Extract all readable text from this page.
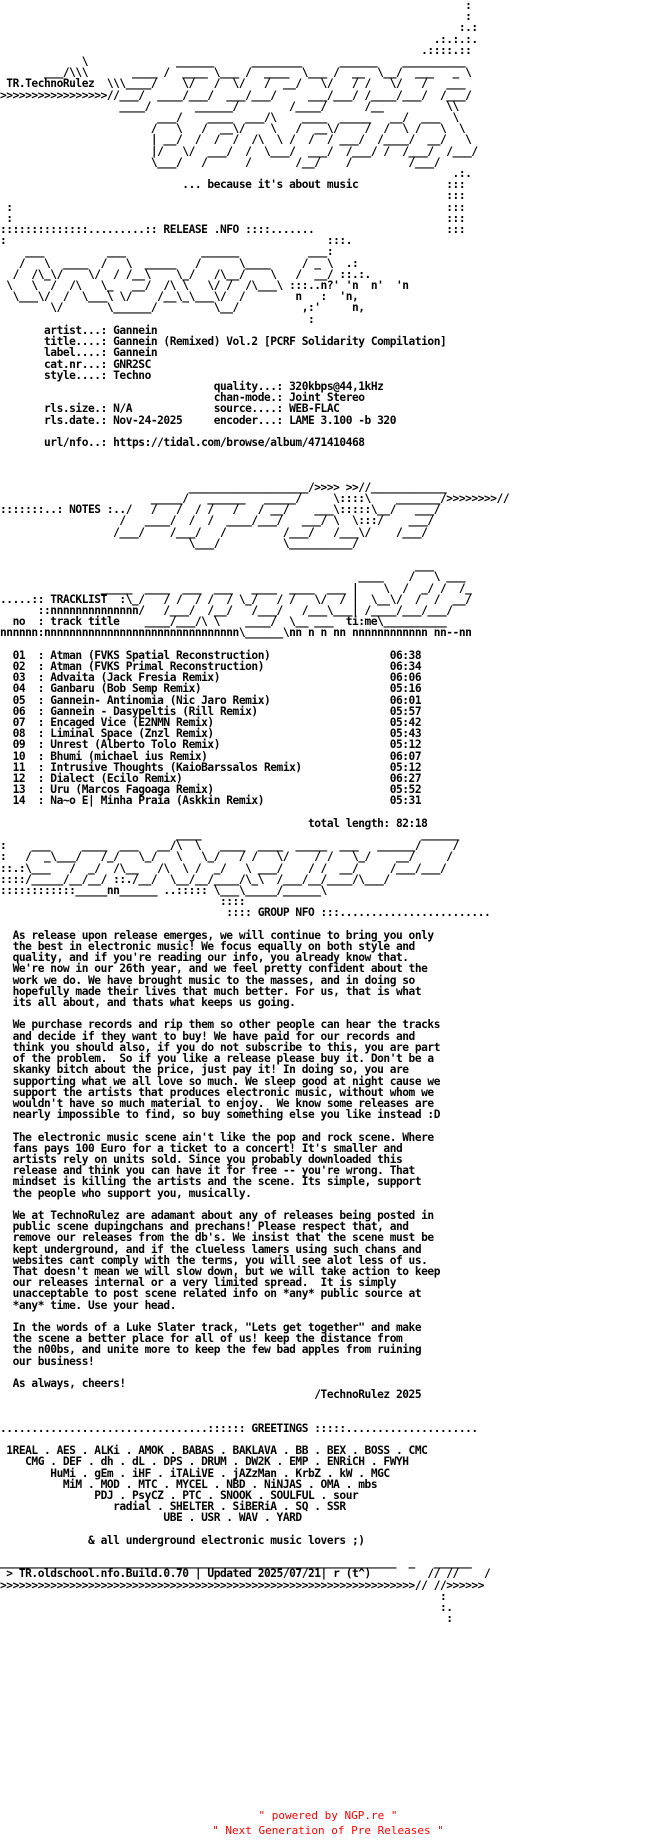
:
:
:.:
.:.:.:.
.::::.::
\              ______      ________      ______    __________
___/\\\       ____ /  ____ \___ /  ____  \___ /  __  \__/  ___   _ \
TR.TechnoRulez  \\\____/    \/   /  \/   /  __/   \/   / /   \/   /   ___
>>>>>>>>>>>>>>>>>//___/  ____/___/  ___/___/     ___/___/ /____/___/  /___/
____/       ______/        /____/      /__          \\
___/    ____  ___/\    ____  _____   __/  ___  \
/   \   /  __\/    \   /  __\/    /  /  \ /   \  \
| __/  /  /  /  /\  \ /  /  / ___/  /____/  __/   \
|/   \/  ___/  /  \___/  ___/  /___/ /  /___/  /___/
\___/   /      /       /__/    /         /___/
.:.
... because it's about music              :::
:::
:                                                                     :::
:                                                                     :::
::::::::::::::.........:: RELEASE .NFO ::::.......                     :::
:                                                   :::.
___          ___            ______           ___:
/   \  ____  /   \  _____   /      \____     / _ \  .:
/  /\_\/    \/  / /__\    \_/   /\__/    \   /  __/ ::.:.
\   \  /  /\   \_   __/  /\ \   \/ /  /\___\ :::..n?' 'n  n'  'n
\___\/  /  \___\ \/    /__\_\___\/  /        n   :  'n,
\/       \______/         \__/          ,:'     n,
:
artist...: Gannein
title....: Gannein (Remixed) Vol.2 [PCRF Solidarity Compilation]
label....: Gannein
cat.nr...: GNR2SC
style....: Techno
quality...: 320kbps@44,1kHz
chan-mode.: Joint Stereo
rls.size.: N/A             source....: WEB-FLAC
rls.date.: Nov-24-2025     encoder...: LAME 3.100 -b 320

url/nfo..: https://tidal.com/browse/album/471410468

___________________/>>>> >>//____________
_____/   ______   _____/     \::::\    _______/>>>>>>>>//
:::::::..: NOTES :../   /   /  / /   /   / __/    ___\:::::\__/   ___/
/   ____/  /  /  ____/___/   ___/ \  \:::/    ___/
/___/    /___/   /         /___/   /___\/    /___/
\___/          \__________/

___
____    /   \ ___
_____  ____  ___  ___   ____  ____  ___ |    \  /  _/ /  /_
.....:: TRACKLIST  :\_/   / /  / /  / \_/   / /   \/  / |  \__\/  /  /  __/
::nnnnnnnnnnnnnn/   /___/  /__/   /___/   /___\___| /____/___/___/
no  : track title    ____/___/\ \    ____/  \__ ___  ti:me\__________
nnnnnn:nnnnnnnnnnnnnnnnnnnnnnnnnnnnnnn\______\nn n n nn nnnnnnnnnnnn nn--nn

01  : Atman (FVKS Spatial Reconstruction)                   06:38
02  : Atman (FVKS Primal Reconstruction)                    06:34
03  : Advaita (Jack Fresia Remix)                           06:06
04  : Ganbaru (Bob Semp Remix)                              05:16
05  : Gannein- Antinomia (Nic Jaro Remix)                   06:01
06  : Gannein - Dasypeltis (Rill Remix)                     05:57
07  : Encaged Vice (E2NMN Remix)                            05:42
08  : Liminal Space (Znzl Remix)                            05:43
09  : Unrest (Alberto Tolo Remix)                           05:12
10  : Bhumi (michael ius Remix)                             06:07
11  : Intrusive Thoughts (KaioBarssalos Remix)              05:12
12  : Dialect (Ecilo Remix)                                 06:27
13  : Uru (Marcos Fagoaga Remix)                            05:52
14  : Na~o E| Minha Praia (Askkin Remix)                    05:31

total length: 82:18
____                                   ______
:    ___     ____  ___   __/\  \   ____  ____  _____  ___   ______/     /
:   /  _\___/   /_/   \_/   \   \_/   / /   \/    / /   \_/    __/     /
::.:\___   /  _/  /\__   /\  \ /  _/   \ ___/    / /  __/     /___/___/
::::/_____/__/__/ ::./__/  \__/__/____/\_\  /___/__/____/\___/
::::::::::::_____nn______ ..::::: \___\_____/______\
::::
:::: GROUP NFO :::........................

As release upon release emerges, we will continue to bring you only
the best in electronic music! We focus equally on both style and
quality, and if you're reading our info, you already know that.
We're now in our 26th year, and we feel pretty confident about the
work we do. We have brought music to the masses, and in doing so
hopefully made their lives that much better. For us, that is what
its all about, and thats what keeps us going.

We purchase records and rip them so other people can hear the tracks
and decide if they want to buy! We have paid for our records and
think you should also, if you do not subscribe to this, you are part
of the problem.  So if you like a release please buy it. Don't be a
skanky bitch about the price, just pay it! In doing so, you are
supporting what we all love so much. We sleep good at night cause we
support the artists that produces electronic music, without whom we
wouldn't have so much material to enjoy.  We know some releases are
nearly impossible to find, so buy something else you like instead :D

The electronic music scene ain't like the pop and rock scene. Where
fans pays 100 Euro for a ticket to a concert! It's smaller and
artists rely on units sold. Since you probably downloaded this
release and think you can have it for free -- you're wrong. That
mindset is killing the artists and the scene. Its simple, support
the people who support you, musically.

We at TechnoRulez are adamant about any of releases being posted in
public scene dupingchans and prechans! Please respect that, and
remove our releases from the db's. We insist that the scene must be
kept underground, and if the clueless lamers using such chans and
websites cant comply with the terms, you will see alot less of us.
That doesn't mean we will slow down, but we will take action to keep
our releases internal or a very limited spread.  It is simply
unacceptable to post scene related info on *any* public source at
*any* time. Use your head.

In the words of a Luke Slater track, "Lets get together" and make
the scene a better place for all of us! keep the distance from
the n00bs, and unite more to keep the few bad apples from ruining
our business!

As always, cheers!
/TechnoRulez 2025

.................................:::::: GREETINGS :::::.....................

1REAL . AES . ALKi . AMOK . BABAS . BAKLAVA . BB . BEX . BOSS . CMC
CMG . DEF . dh . dL . DPS . DRUM . DW2K . EMP . ENRiCH . FWYH
HuMi . gEm . iHF . iTALiVE . jAZzMan . KrbZ . kW . MGC
MiM . MOD . MTC . MYCEL . NBD . NiNJAS . OMA . mbs
PDJ . PsyCZ . PTC . SNOOK . SOULFUL . sour
radial . SHELTER . SiBERiA . SQ . SSR
UBE . USR . WAV . YARD

& all underground electronic music lovers ;)

_______________________________________________________________  _   ______
> TR.oldschool.nfo.Build.0.70 | Updated 2025/07/21| r (t^)         // //    /
>>>>>>>>>>>>>>>>>>>>>>>>>>>>>>>>>>>>>>>>>>>>>>>>>>>>>>>>>>>>>>>>>>// //>>>>>>
:
:.
:
" powered by NGP.re "
" Next Generation of Pre Releases "
